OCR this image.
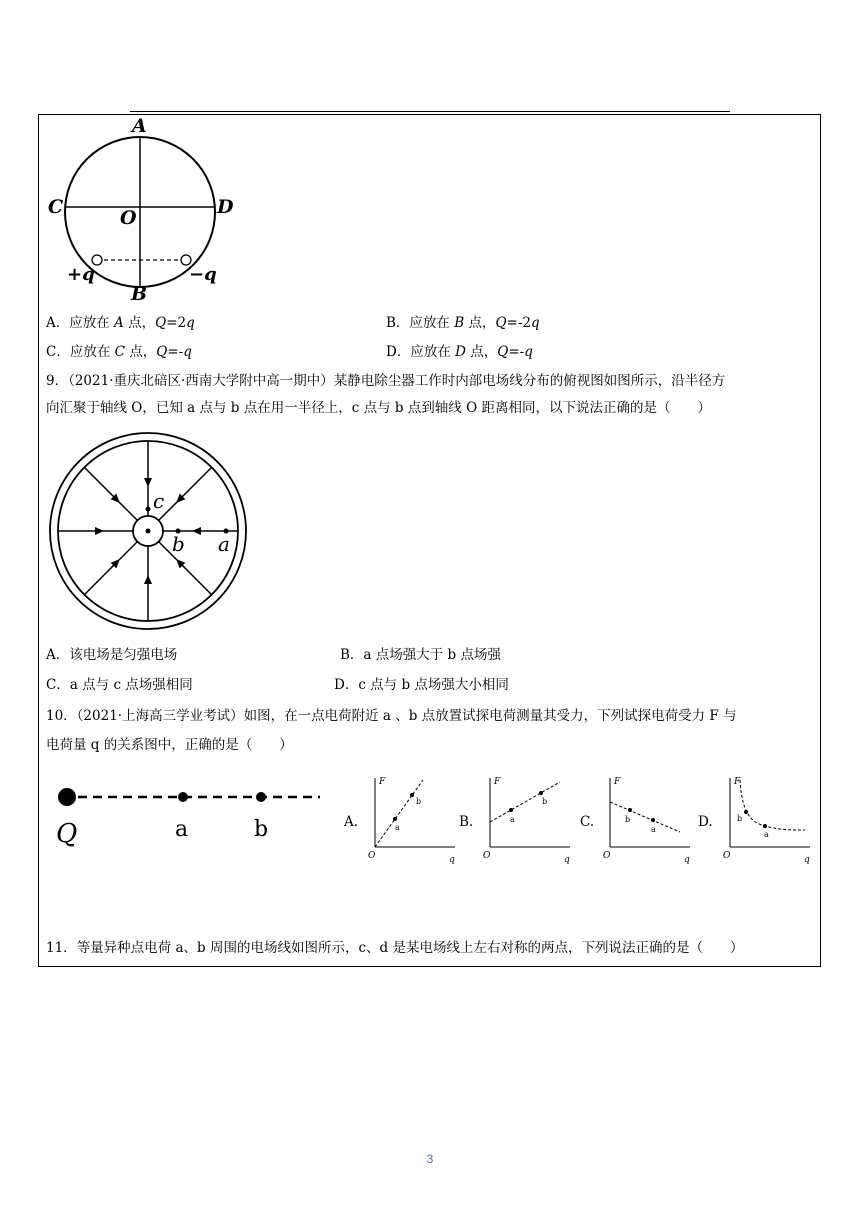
A
C	D
O
+q	−q
B
A．应放在 A 点，Q=2q	B．应放在 B 点，Q=-2q
C．应放在 C 点，Q=-q	D．应放在 D 点，Q=-q
9．（2021·重庆北碚区·西南大学附中高一期中）某静电除尘器工作时内部电场线分布的俯视图如图所示，沿半径方
向汇聚于轴线 O，已知 a 点与 b 点在用一半径上，c 点与 b 点到轴线 O 距离相同，以下说法正确的是（　　）
c
b a
A．该电场是匀强电场	B．a 点场强大于 b 点场强
C．a 点与 c 点场强相同	D．c 点与 b 点场强大小相同
10．（2021·上海高三学业考试）如图，在一点电荷附近 a 、b 点放置试探电荷测量其受力，下列试探电荷受力 F 与
电荷量 q 的关系图中，正确的是（　　）
Q	a	b	A.
F
O	q
a
b
B.
F
O	q
a
b
C.
F
O	q
b
a	D.
F
O	q
b
a
11．等量异种点电荷 a、b 周围的电场线如图所示，c、d 是某电场线上左右对称的两点，下列说法正确的是（　　）
3
